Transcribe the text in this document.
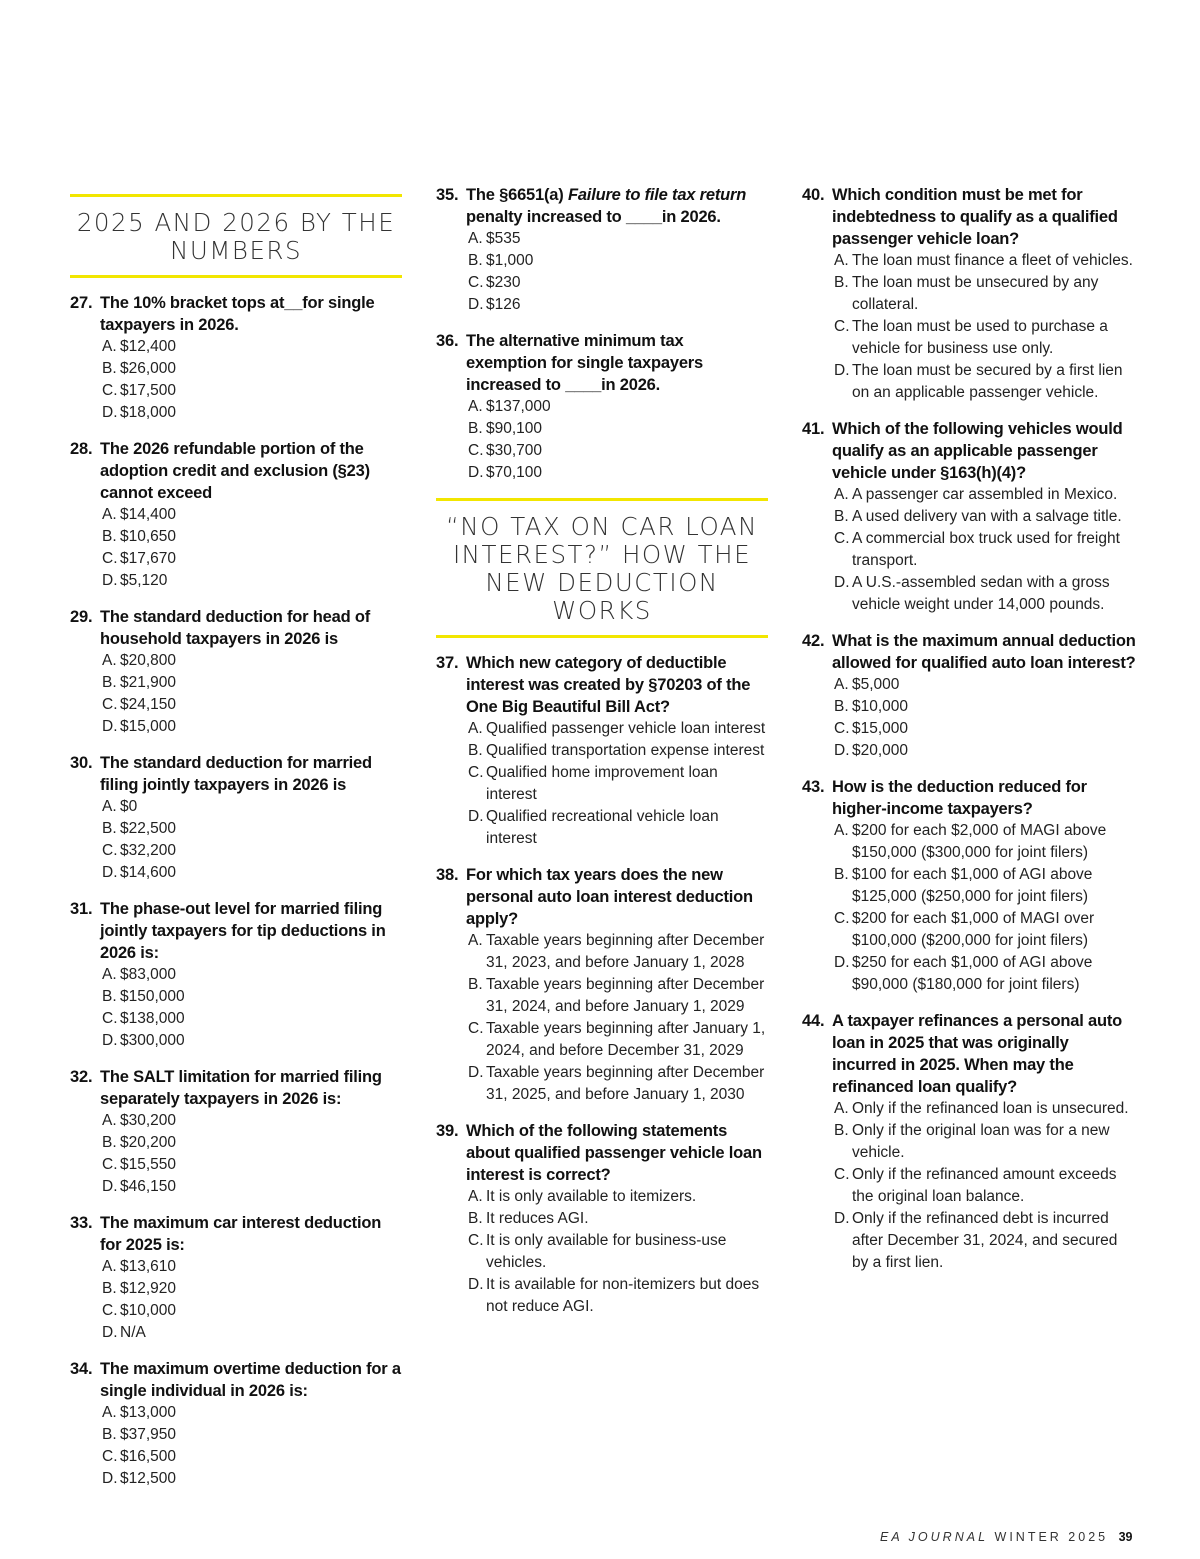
2025 AND 2026 BY THE NUMBERS
27. The 10% bracket tops at__for single taxpayers in 2026.
A. $12,400
B. $26,000
C. $17,500
D. $18,000
28. The 2026 refundable portion of the adoption credit and exclusion (§23) cannot exceed
A. $14,400
B. $10,650
C. $17,670
D. $5,120
29. The standard deduction for head of household taxpayers in 2026 is
A. $20,800
B. $21,900
C. $24,150
D. $15,000
30. The standard deduction for married filing jointly taxpayers in 2026 is
A. $0
B. $22,500
C. $32,200
D. $14,600
31. The phase-out level for married filing jointly taxpayers for tip deductions in 2026 is:
A. $83,000
B. $150,000
C. $138,000
D. $300,000
32. The SALT limitation for married filing separately taxpayers in 2026 is:
A. $30,200
B. $20,200
C. $15,550
D. $46,150
33. The maximum car interest deduction for 2025 is:
A. $13,610
B. $12,920
C. $10,000
D. N/A
34. The maximum overtime deduction for a single individual in 2026 is:
A. $13,000
B. $37,950
C. $16,500
D. $12,500
35. The §6651(a) Failure to file tax return penalty increased to ____in 2026.
A. $535
B. $1,000
C. $230
D. $126
36. The alternative minimum tax exemption for single taxpayers increased to ____in 2026.
A. $137,000
B. $90,100
C. $30,700
D. $70,100
“NO TAX ON CAR LOAN INTEREST?” HOW THE NEW DEDUCTION WORKS
37. Which new category of deductible interest was created by §70203 of the One Big Beautiful Bill Act?
A. Qualified passenger vehicle loan interest
B. Qualified transportation expense interest
C. Qualified home improvement loan interest
D. Qualified recreational vehicle loan interest
38. For which tax years does the new personal auto loan interest deduction apply?
A. Taxable years beginning after December 31, 2023, and before January 1, 2028
B. Taxable years beginning after December 31, 2024, and before January 1, 2029
C. Taxable years beginning after January 1, 2024, and before December 31, 2029
D. Taxable years beginning after December 31, 2025, and before January 1, 2030
39. Which of the following statements about qualified passenger vehicle loan interest is correct?
A. It is only available to itemizers.
B. It reduces AGI.
C. It is only available for business-use vehicles.
D. It is available for non-itemizers but does not reduce AGI.
40. Which condition must be met for indebtedness to qualify as a qualified passenger vehicle loan?
A. The loan must finance a fleet of vehicles.
B. The loan must be unsecured by any collateral.
C. The loan must be used to purchase a vehicle for business use only.
D. The loan must be secured by a first lien on an applicable passenger vehicle.
41. Which of the following vehicles would qualify as an applicable passenger vehicle under §163(h)(4)?
A. A passenger car assembled in Mexico.
B. A used delivery van with a salvage title.
C. A commercial box truck used for freight transport.
D. A U.S.-assembled sedan with a gross vehicle weight under 14,000 pounds.
42. What is the maximum annual deduction allowed for qualified auto loan interest?
A. $5,000
B. $10,000
C. $15,000
D. $20,000
43. How is the deduction reduced for higher-income taxpayers?
A. $200 for each $2,000 of MAGI above $150,000 ($300,000 for joint filers)
B. $100 for each $1,000 of AGI above $125,000 ($250,000 for joint filers)
C. $200 for each $1,000 of MAGI over $100,000 ($200,000 for joint filers)
D. $250 for each $1,000 of AGI above $90,000 ($180,000 for joint filers)
44. A taxpayer refinances a personal auto loan in 2025 that was originally incurred in 2025. When may the refinanced loan qualify?
A. Only if the refinanced loan is unsecured.
B. Only if the original loan was for a new vehicle.
C. Only if the refinanced amount exceeds the original loan balance.
D. Only if the refinanced debt is incurred after December 31, 2024, and secured by a first lien.
EA JOURNAL WINTER 2025 39
